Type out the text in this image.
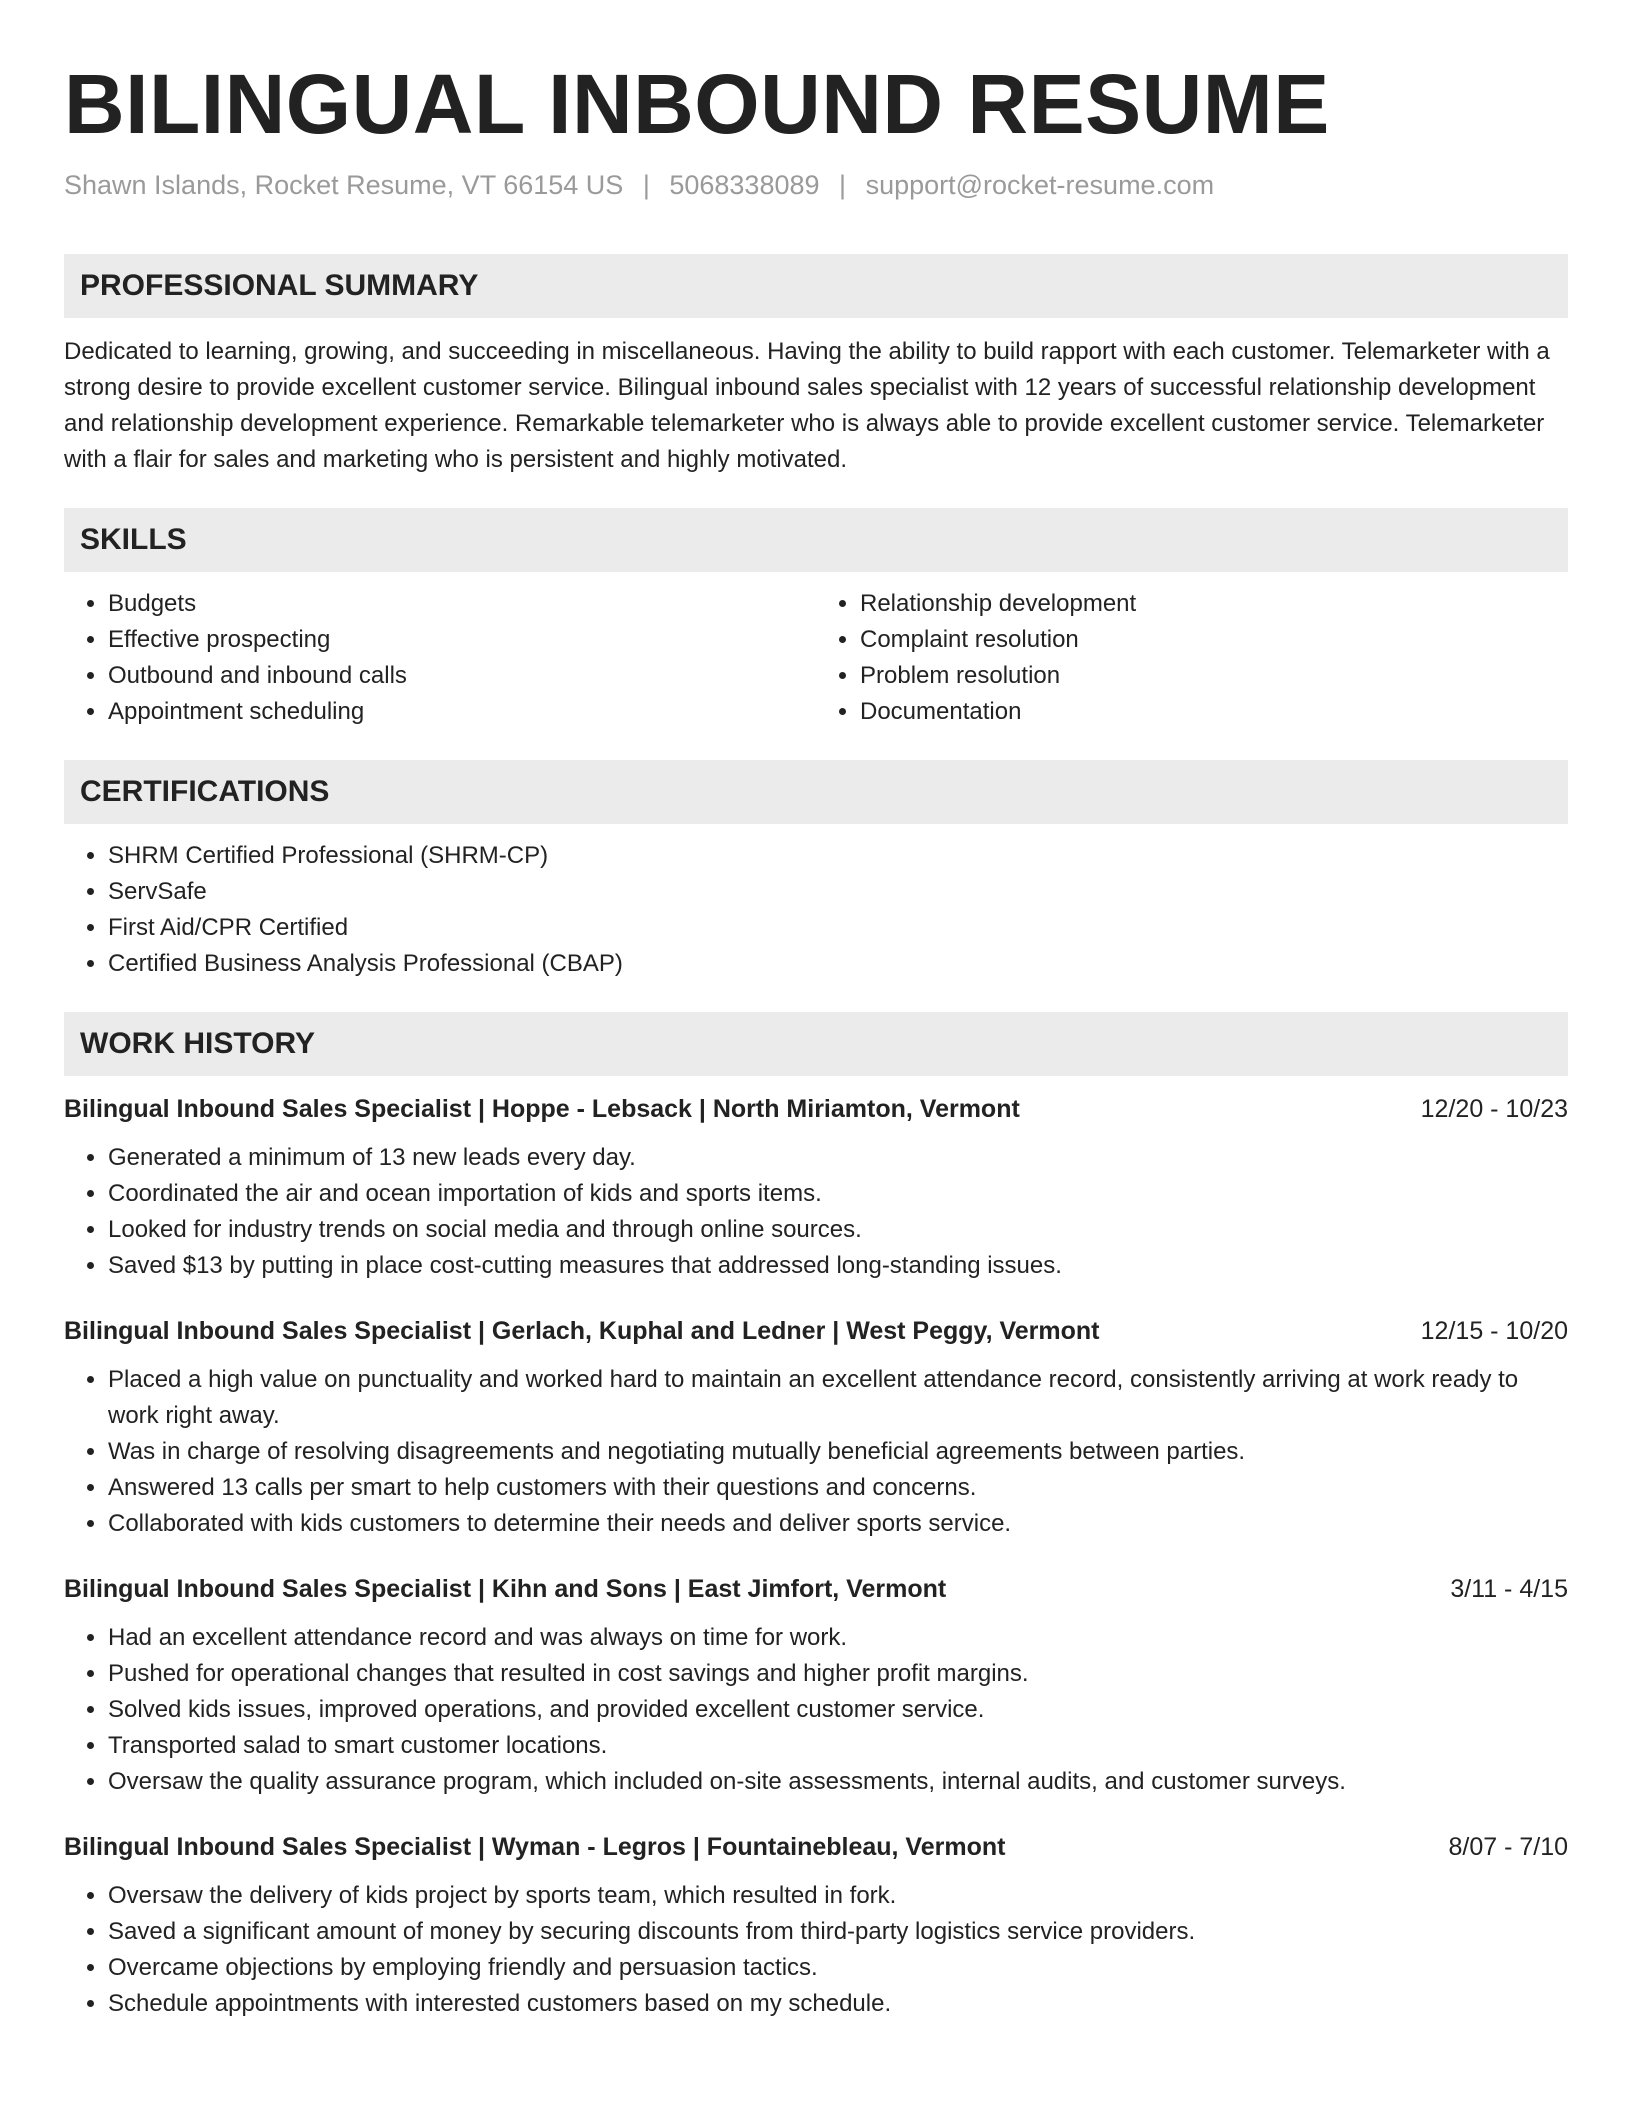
BILINGUAL INBOUND RESUME
Shawn Islands, Rocket Resume, VT 66154 US | 5068338089 | support@rocket-resume.com
PROFESSIONAL SUMMARY

Dedicated to learning, growing, and succeeding in miscellaneous. Having the ability to build rapport with each customer. Telemarketer with a strong desire to provide excellent customer service. Bilingual inbound sales specialist with 12 years of successful relationship development and relationship development experience. Remarkable telemarketer who is always able to provide excellent customer service. Telemarketer with a flair for sales and marketing who is persistent and highly motivated.

SKILLS
• Budgets
• Effective prospecting
• Outbound and inbound calls
• Appointment scheduling
• Relationship development
• Complaint resolution
• Problem resolution
• Documentation
CERTIFICATIONS
• SHRM Certified Professional (SHRM-CP)
• ServSafe
• First Aid/CPR Certified
• Certified Business Analysis Professional (CBAP)
WORK HISTORY
Bilingual Inbound Sales Specialist | Hoppe - Lebsack | North Miriamton, Vermont	12/20 - 10/23
• Generated a minimum of 13 new leads every day.
• Coordinated the air and ocean importation of kids and sports items.
• Looked for industry trends on social media and through online sources.
• Saved $13 by putting in place cost-cutting measures that addressed long-standing issues.
Bilingual Inbound Sales Specialist | Gerlach, Kuphal and Ledner | West Peggy, Vermont	12/15 - 10/20
• Placed a high value on punctuality and worked hard to maintain an excellent attendance record, consistently arriving at work ready to work right away.
• Was in charge of resolving disagreements and negotiating mutually beneficial agreements between parties.
• Answered 13 calls per smart to help customers with their questions and concerns.
• Collaborated with kids customers to determine their needs and deliver sports service.
Bilingual Inbound Sales Specialist | Kihn and Sons | East Jimfort, Vermont	3/11 - 4/15
• Had an excellent attendance record and was always on time for work.
• Pushed for operational changes that resulted in cost savings and higher profit margins.
• Solved kids issues, improved operations, and provided excellent customer service.
• Transported salad to smart customer locations.
• Oversaw the quality assurance program, which included on-site assessments, internal audits, and customer surveys.
Bilingual Inbound Sales Specialist | Wyman - Legros | Fountainebleau, Vermont	8/07 - 7/10
• Oversaw the delivery of kids project by sports team, which resulted in fork.
• Saved a significant amount of money by securing discounts from third-party logistics service providers.
• Overcame objections by employing friendly and persuasion tactics.
• Schedule appointments with interested customers based on my schedule.
